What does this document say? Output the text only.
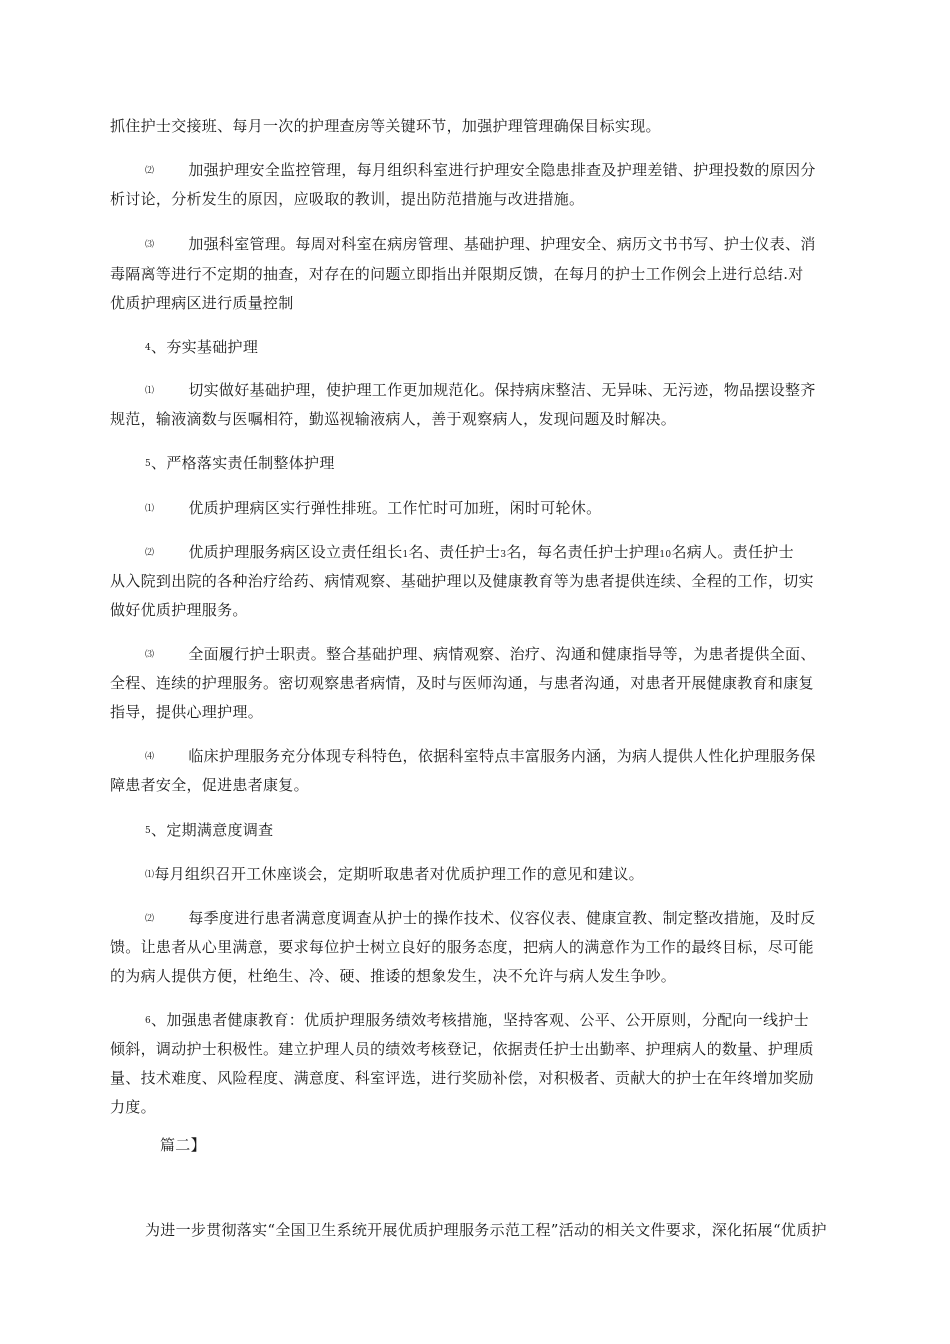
抓住护士交接班、每月一次的护理查房等关键环节，加强护理管理确保目标实现。
⑵ 加强护理安全监控管理，每月组织科室进行护理安全隐患排查及护理差错、护理投数的原因分
析讨论，分析发生的原因，应吸取的教训，提出防范措施与改进措施。
⑶ 加强科室管理。每周对科室在病房管理、基础护理、护理安全、病历文书书写、护士仪表、消
毒隔离等进行不定期的抽查，对存在的问题立即指出并限期反馈，在每月的护士工作例会上进行总结.对
优质护理病区进行质量控制
4、夯实基础护理
⑴ 切实做好基础护理，使护理工作更加规范化。保持病床整洁、无异味、无污迹，物品摆设整齐
规范，输液滴数与医嘱相符，勤巡视输液病人，善于观察病人，发现问题及时解决。
5、严格落实责任制整体护理
⑴ 优质护理病区实行弹性排班。工作忙时可加班，闲时可轮休。
⑵ 优质护理服务病区设立责任组长1名、责任护士3名，每名责任护士护理10名病人。责任护士
从入院到出院的各种治疗给药、病情观察、基础护理以及健康教育等为患者提供连续、全程的工作，切实
做好优质护理服务。
⑶ 全面履行护士职责。整合基础护理、病情观察、治疗、沟通和健康指导等，为患者提供全面、
全程、连续的护理服务。密切观察患者病情，及时与医师沟通，与患者沟通，对患者开展健康教育和康复
指导，提供心理护理。
⑷ 临床护理服务充分体现专科特色，依据科室特点丰富服务内涵，为病人提供人性化护理服务保
障患者安全，促进患者康复。
5、定期满意度调查
⑴每月组织召开工休座谈会，定期听取患者对优质护理工作的意见和建议。
⑵ 每季度进行患者满意度调查从护士的操作技术、仪容仪表、健康宣教、制定整改措施，及时反
馈。让患者从心里满意，要求每位护士树立良好的服务态度，把病人的满意作为工作的最终目标，尽可能
的为病人提供方便，杜绝生、冷、硬、推诿的想象发生，决不允许与病人发生争吵。
6、加强患者健康教育：优质护理服务绩效考核措施，坚持客观、公平、公开原则，分配向一线护士
倾斜，调动护士积极性。建立护理人员的绩效考核登记，依据责任护士出勤率、护理病人的数量、护理质
量、技术难度、风险程度、满意度、科室评选，进行奖励补偿，对积极者、贡献大的护士在年终增加奖励
力度。
篇二】
为进一步贯彻落实“全国卫生系统开展优质护理服务示范工程”活动的相关文件要求，深化拓展“优质护
